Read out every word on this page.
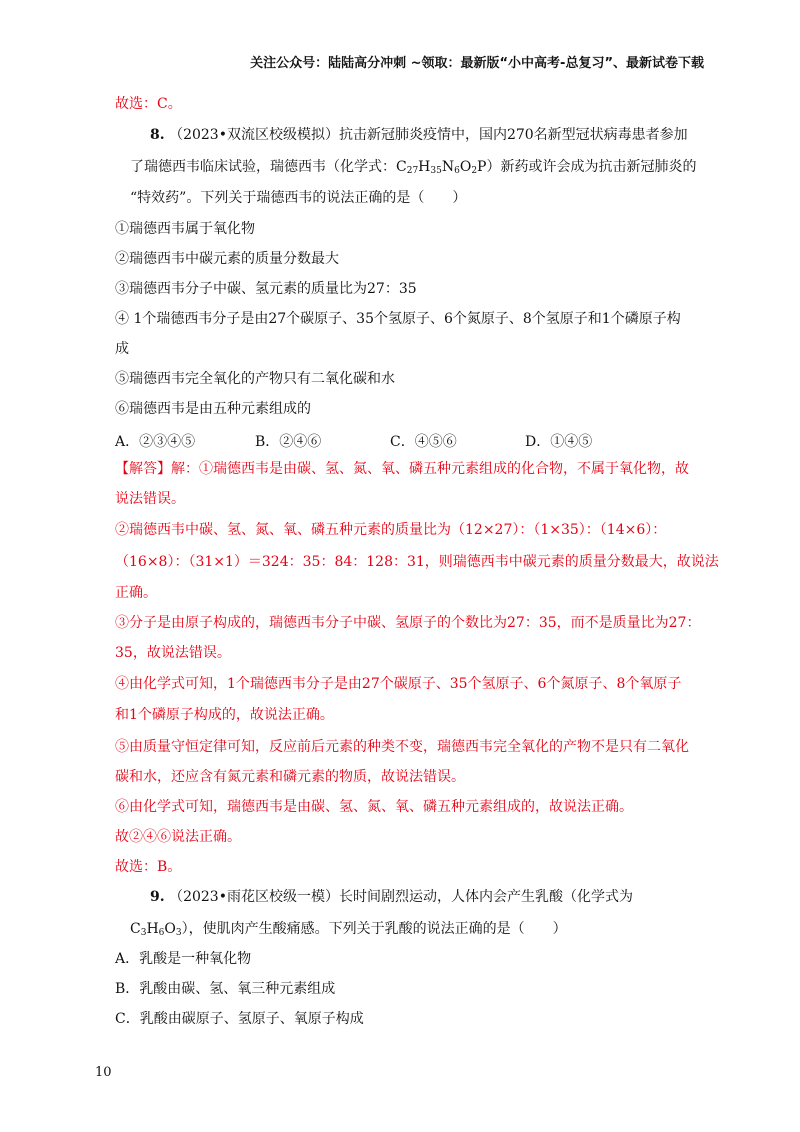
关注公众号：陆陆高分冲刺 ~领取：最新版“小中高考-总复习”、最新试卷下载
故选：C。
8. （2023•双流区校级模拟）抗击新冠肺炎疫情中，国内270名新型冠状病毒患者参加
了瑞德西韦临床试验，瑞德西韦（化学式：$C_{27}H_{35}N_6O_2P$）新药或许会成为抗击新冠肺炎的
“特效药”。下列关于瑞德西韦的说法正确的是（　　）
①瑞德西韦属于氧化物
②瑞德西韦中碳元素的质量分数最大
③瑞德西韦分子中碳、氢元素的质量比为27：35
④ 1个瑞德西韦分子是由27个碳原子、35个氢原子、6个氮原子、8个氢原子和1个磷原子构
成
⑤瑞德西韦完全氧化的产物只有二氧化碳和水
⑥瑞德西韦是由五种元素组成的
A．②③④⑤	B．②④⑥	C．④⑤⑥	D．①④⑤
【解答】解：①瑞德西韦是由碳、氢、氮、氧、磷五种元素组成的化合物，不属于氧化物，故
说法错误。
②瑞德西韦中碳、氢、氮、氧、磷五种元素的质量比为（12×27）：（1×35）：（14×6）：
（16×8）：（31×1）＝324：35：84：128：31，则瑞德西韦中碳元素的质量分数最大，故说法
正确。
③分子是由原子构成的，瑞德西韦分子中碳、氢原子的个数比为27：35，而不是质量比为27：
35，故说法错误。
④由化学式可知，1个瑞德西韦分子是由27个碳原子、35个氢原子、6个氮原子、8个氧原子
和1个磷原子构成的，故说法正确。
⑤由质量守恒定律可知，反应前后元素的种类不变，瑞德西韦完全氧化的产物不是只有二氧化
碳和水，还应含有氮元素和磷元素的物质，故说法错误。
⑥由化学式可知，瑞德西韦是由碳、氢、氮、氧、磷五种元素组成的，故说法正确。
故②④⑥说法正确。
故选：B。
9. （2023•雨花区校级一模）长时间剧烈运动，人体内会产生乳酸（化学式为
$C_3H_6O_3$），使肌肉产生酸痛感。下列关于乳酸的说法正确的是（　　）
A．乳酸是一种氧化物
B．乳酸由碳、氢、氧三种元素组成
C．乳酸由碳原子、氢原子、氧原子构成
10
